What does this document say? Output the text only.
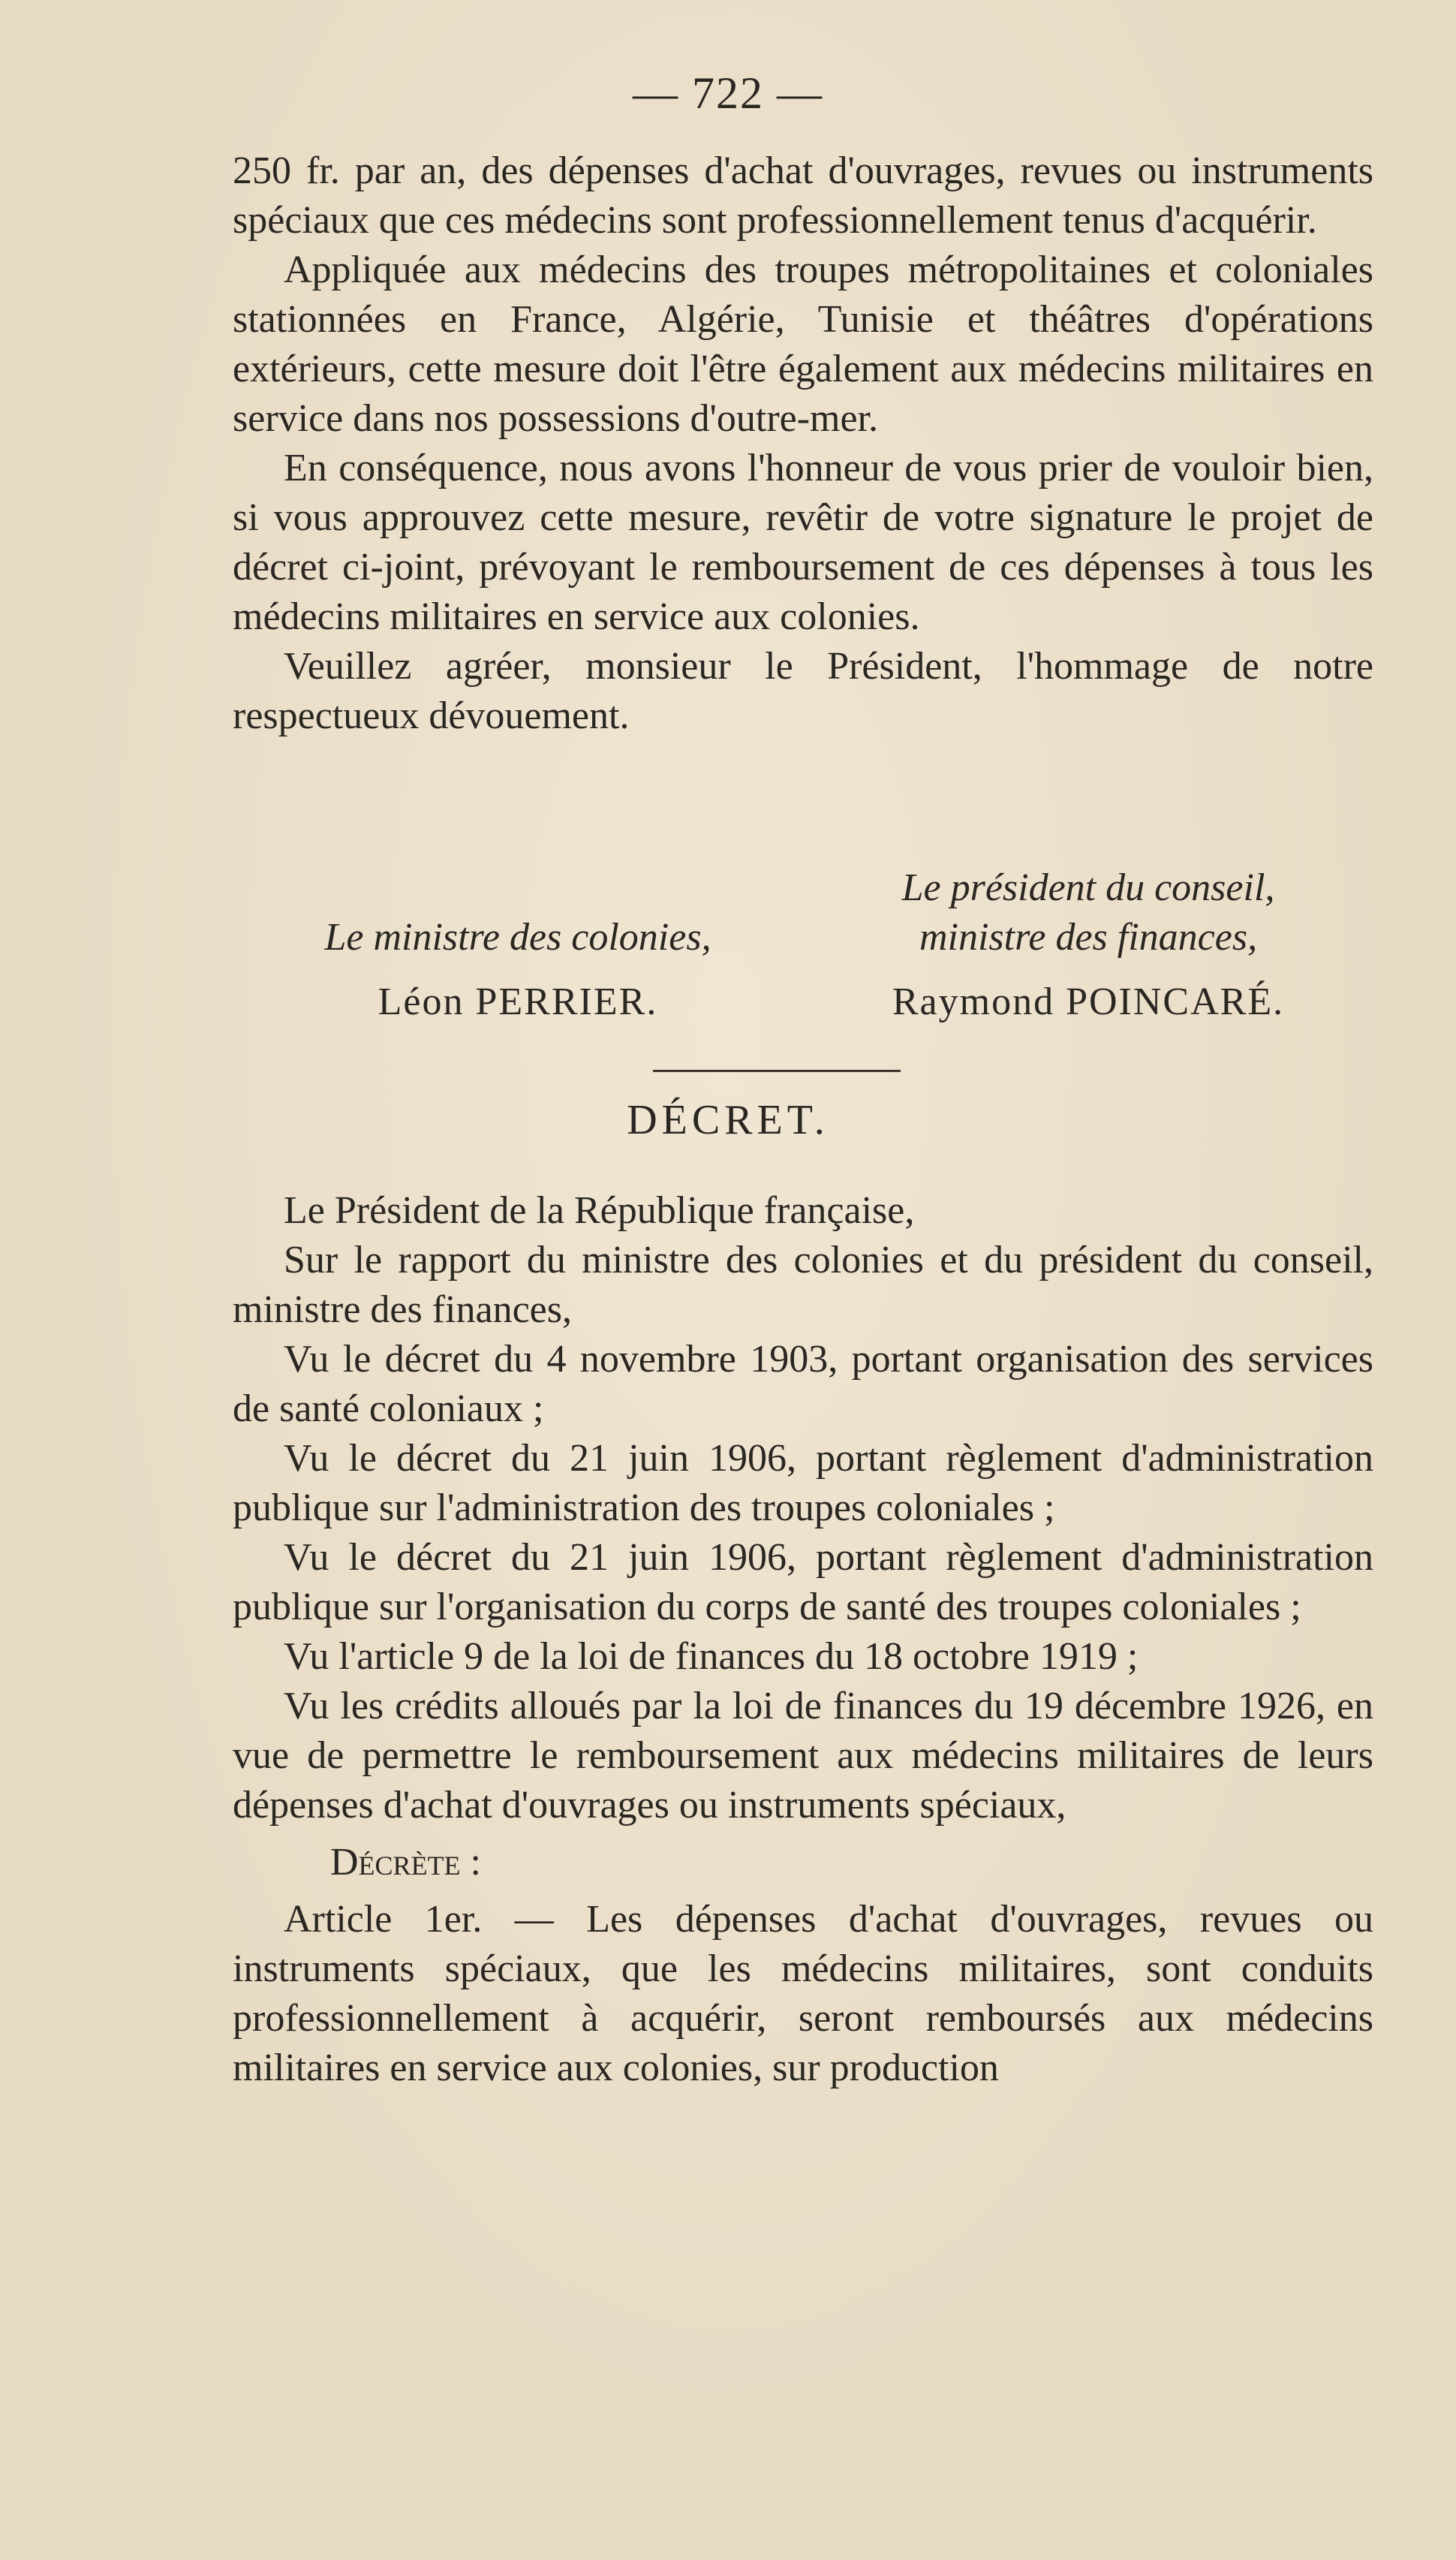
— 722 —

250 fr. par an, des dépenses d'achat d'ouvrages, revues ou instruments spéciaux que ces médecins sont professionnellement tenus d'acquérir.

Appliquée aux médecins des troupes métropolitaines et coloniales stationnées en France, Algérie, Tunisie et théâtres d'opérations extérieurs, cette mesure doit l'être également aux médecins militaires en service dans nos possessions d'outre-mer.

En conséquence, nous avons l'honneur de vous prier de vouloir bien, si vous approuvez cette mesure, revêtir de votre signature le projet de décret ci-joint, prévoyant le remboursement de ces dépenses à tous les médecins militaires en service aux colonies.

Veuillez agréer, monsieur le Président, l'hommage de notre respectueux dévouement.

Le président du conseil,
Le ministre des colonies,	ministre des finances,
Léon PERRIER.	Raymond POINCARÉ.
DÉCRET.

Le Président de la République française,

Sur le rapport du ministre des colonies et du président du conseil, ministre des finances,

Vu le décret du 4 novembre 1903, portant organisation des services de santé coloniaux ;

Vu le décret du 21 juin 1906, portant règlement d'administration publique sur l'administration des troupes coloniales ;

Vu le décret du 21 juin 1906, portant règlement d'administration publique sur l'organisation du corps de santé des troupes coloniales ;

Vu l'article 9 de la loi de finances du 18 octobre 1919 ;

Vu les crédits alloués par la loi de finances du 19 décembre 1926, en vue de permettre le remboursement aux médecins militaires de leurs dépenses d'achat d'ouvrages ou instruments spéciaux,

Décrète :

Article 1er. — Les dépenses d'achat d'ouvrages, revues ou instruments spéciaux, que les médecins militaires, sont conduits professionnellement à acquérir, seront remboursés aux médecins militaires en service aux colonies, sur production
